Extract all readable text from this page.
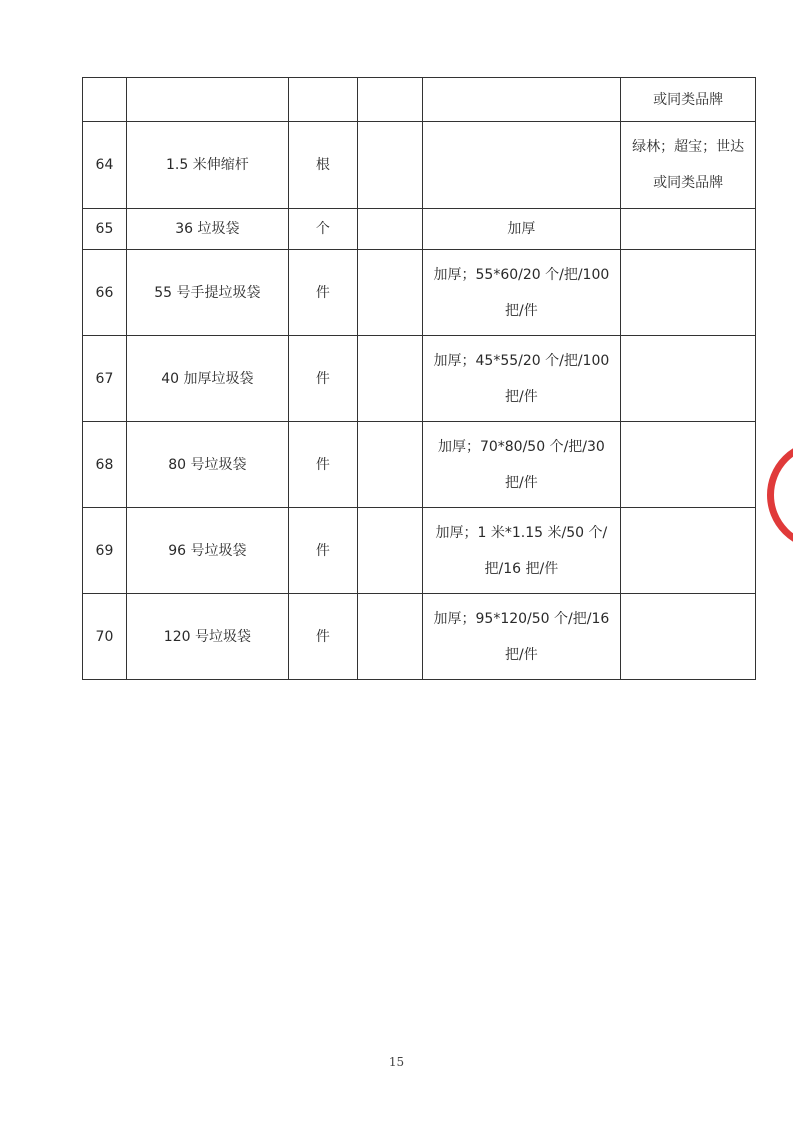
					或同类品牌
64	1.5 米伸缩杆	根			绿林；超宝；世达或同类品牌
65	36 垃圾袋	个		加厚	
66	55 号手提垃圾袋	件		加厚；55*60/20 个/把/100 把/件	
67	40 加厚垃圾袋	件		加厚；45*55/20 个/把/100 把/件	
68	80 号垃圾袋	件		加厚；70*80/50 个/把/30 把/件	
69	96 号垃圾袋	件		加厚；1 米*1.15 米/50 个/把/16 把/件	
70	120 号垃圾袋	件		加厚；95*120/50 个/把/16 把/件	
15
